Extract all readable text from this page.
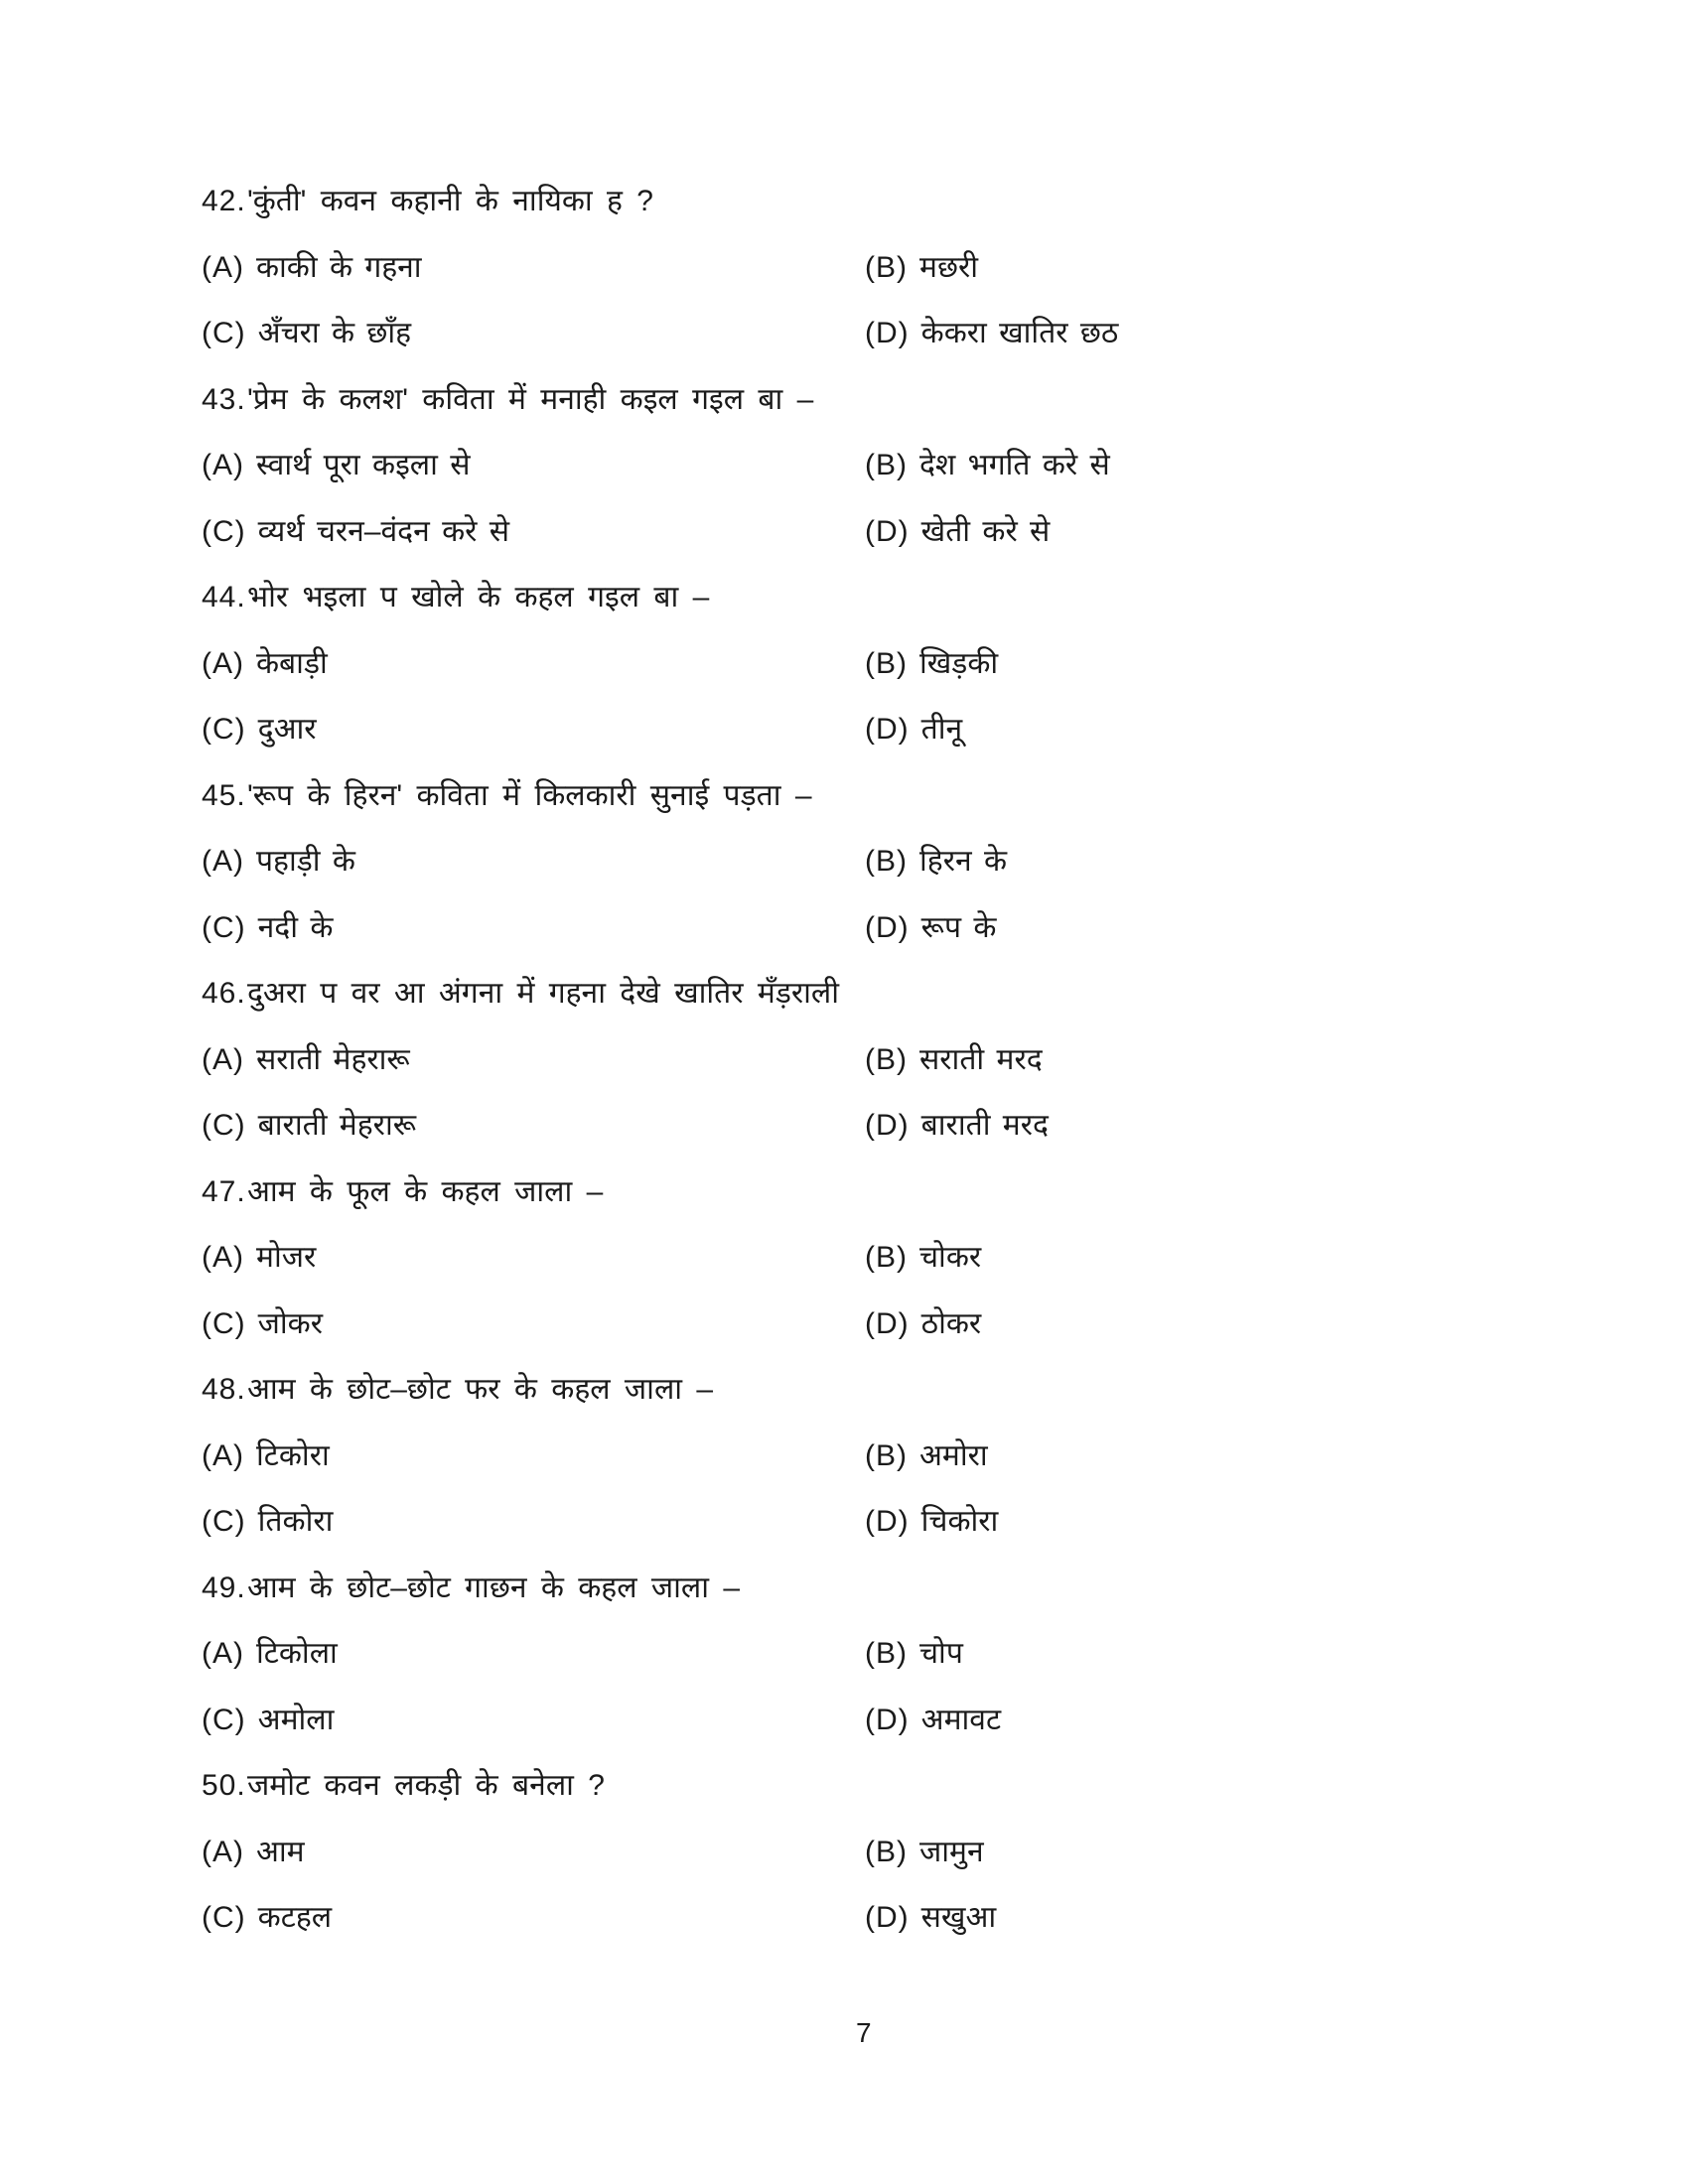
42. 'कुंती' कवन कहानी के नायिका ह ?
(A) काकी के गहना	(B) मछरी
(C) अँचरा के छाँह	(D) केकरा खातिर छठ
43. 'प्रेम के कलश' कविता में मनाही कइल गइल बा –
(A) स्वार्थ पूरा कइला से	(B) देश भगति करे से
(C) व्यर्थ चरन–वंदन करे से	(D) खेती करे से
44. भोर भइला प खोले के कहल गइल बा –
(A) केबाड़ी	(B) खिड़की
(C) दुआर	(D) तीनू
45. 'रूप के हिरन' कविता में किलकारी सुनाई पड़ता –
(A) पहाड़ी के	(B) हिरन के
(C) नदी के	(D) रूप के
46. दुअरा प वर आ अंगना में गहना देखे खातिर मँड़राली
(A) सराती मेहरारू	(B) सराती मरद
(C) बाराती मेहरारू	(D) बाराती मरद
47. आम के फूल के कहल जाला –
(A) मोजर	(B) चोकर
(C) जोकर	(D) ठोकर
48. आम के छोट–छोट फर के कहल जाला –
(A) टिकोरा	(B) अमोरा
(C) तिकोरा	(D) चिकोरा
49. आम के छोट–छोट गाछन के कहल जाला –
(A) टिकोला	(B) चोप
(C) अमोला	(D) अमावट
50. जमोट कवन लकड़ी के बनेला ?
(A) आम	(B) जामुन
(C) कटहल	(D) सखुआ
7
